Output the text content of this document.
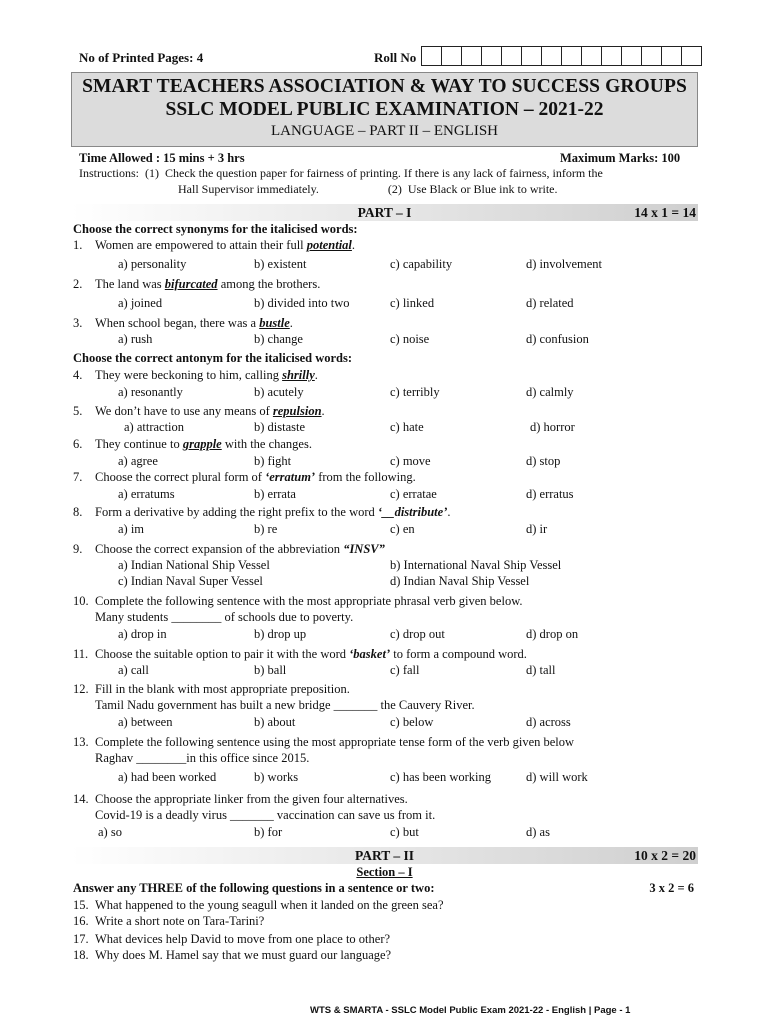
No of Printed Pages: 4	Roll No
SMART TEACHERS ASSOCIATION & WAY TO SUCCESS GROUPS
SSLC MODEL PUBLIC EXAMINATION – 2021-22
LANGUAGE – PART II – ENGLISH
Time Allowed : 15 mins + 3 hrs	Maximum Marks: 100
Instructions:  (1)  Check the question paper for fairness of printing. If there is any lack of fairness, inform the
Hall Supervisor immediately.                       (2)  Use Black or Blue ink to write.
PART – I	14 x 1 = 14
Choose the correct synonyms for the italicised words:
Choose the correct antonym for the italicised words:
1. Women are empowered to attain their full potential.
a) personality	b) existent	c) capability	d) involvement
2. The land was bifurcated among the brothers.
a) joined	b) divided into two	c) linked	d) related
3. When school began, there was a bustle.
a) rush	b) change	c) noise	d) confusion
4. They were beckoning to him, calling shrilly.
a) resonantly	b) acutely	c) terribly	d) calmly
5. We don’t have to use any means of repulsion.
a) attraction	b) distaste	c) hate	d) horror
6. They continue to grapple with the changes.
a) agree	b) fight	c) move	d) stop
7. Choose the correct plural form of ‘erratum’ from the following.
a) erratums	b) errata	c) erratae	d) erratus
8. Form a derivative by adding the right prefix to the word ‘__distribute’.
a) im	b) re	c) en	d) ir
9. Choose the correct expansion of the abbreviation “INSV”
a) Indian National Ship Vessel	b) International Naval Ship Vessel
c) Indian Naval Super Vessel	d) Indian Naval Ship Vessel
10. Complete the following sentence with the most appropriate phrasal verb given below.
Many students ________ of schools due to poverty.
a) drop in	b) drop up	c) drop out	d) drop on
11. Choose the suitable option to pair it with the word ‘basket’ to form a compound word.
a) call	b) ball	c) fall	d) tall
12. Fill in the blank with most appropriate preposition.
Tamil Nadu government has built a new bridge _______ the Cauvery River.
a) between	b) about	c) below	d) across
13. Complete the following sentence using the most appropriate tense form of the verb given below
Raghav ________in this office since 2015.
a) had been worked	b) works	c) has been working	d) will work
14. Choose the appropriate linker from the given four alternatives.
Covid-19 is a deadly virus _______ vaccination can save us from it.
a) so	b) for	c) but	d) as
PART – II	10 x 2 = 20
Section – I
Answer any THREE of the following questions in a sentence or two:	3 x 2 = 6
15. What happened to the young seagull when it landed on the green sea?
16. Write a short note on Tara-Tarini?
17. What devices help David to move from one place to other?
18. Why does M. Hamel say that we must guard our language?
WTS & SMARTA - SSLC Model Public Exam 2021-22 - English | Page - 1
